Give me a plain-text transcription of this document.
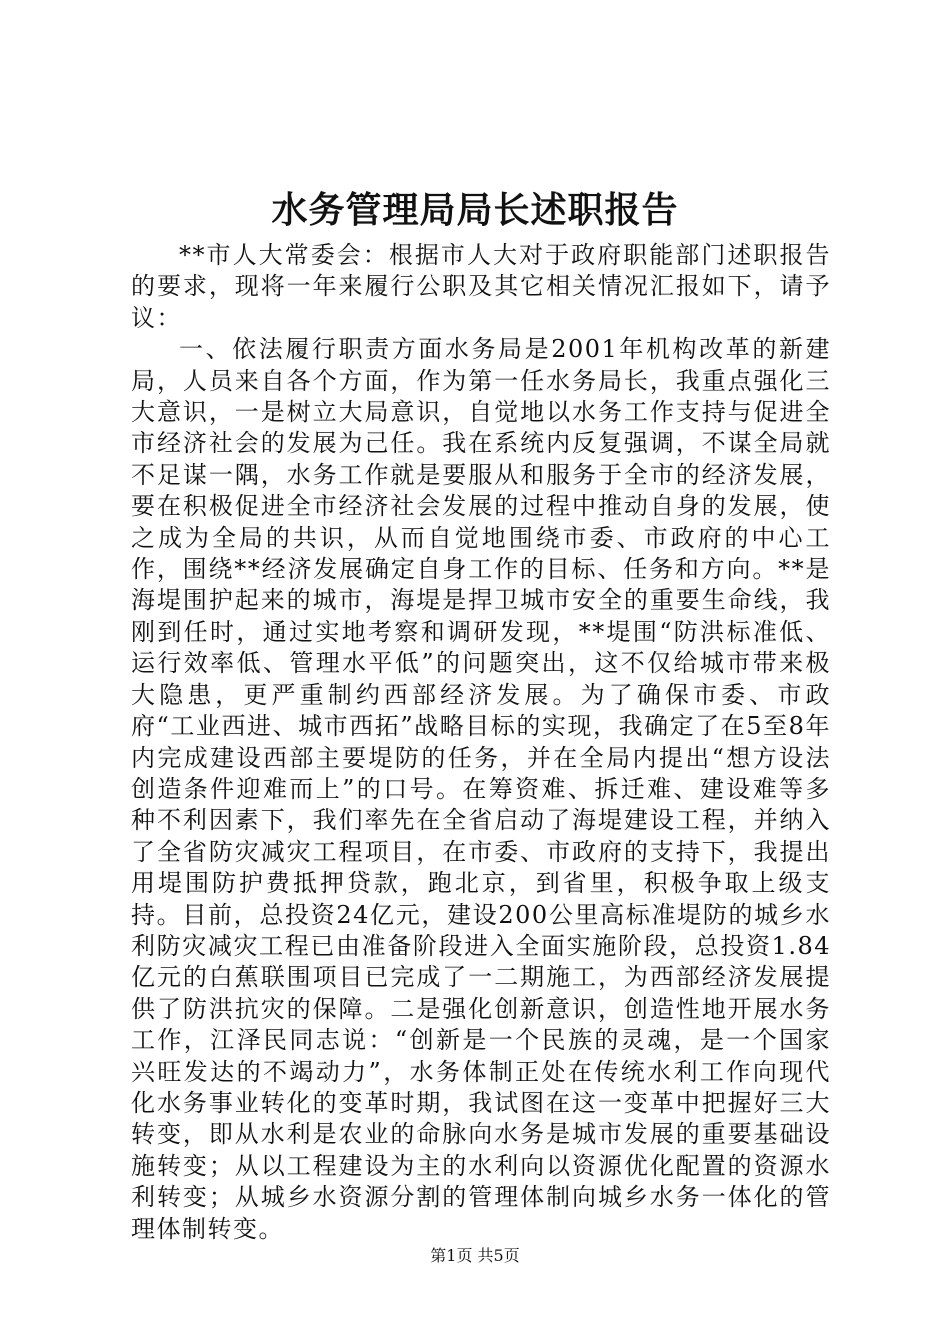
水务管理局局长述职报告

**市人大常委会：根据市人大对于政府职能部门述职报告的要求，现将一年来履行公职及其它相关情况汇报如下，请予议：

一、依法履行职责方面水务局是2001年机构改革的新建局，人员来自各个方面，作为第一任水务局长，我重点强化三大意识，一是树立大局意识，自觉地以水务工作支持与促进全市经济社会的发展为己任。我在系统内反复强调，不谋全局就不足谋一隅，水务工作就是要服从和服务于全市的经济发展，要在积极促进全市经济社会发展的过程中推动自身的发展，使之成为全局的共识，从而自觉地围绕市委、市政府的中心工作，围绕**经济发展确定自身工作的目标、任务和方向。**是海堤围护起来的城市，海堤是捍卫城市安全的重要生命线，我刚到任时，通过实地考察和调研发现，**堤围“防洪标准低、运行效率低、管理水平低”的问题突出，这不仅给城市带来极大隐患，更严重制约西部经济发展。为了确保市委、市政府“工业西进、城市西拓”战略目标的实现，我确定了在5至8年内完成建设西部主要堤防的任务，并在全局内提出“想方设法创造条件迎难而上”的口号。在筹资难、拆迁难、建设难等多种不利因素下，我们率先在全省启动了海堤建设工程，并纳入了全省防灾减灾工程项目，在市委、市政府的支持下，我提出用堤围防护费抵押贷款，跑北京，到省里，积极争取上级支持。目前，总投资24亿元，建设200公里高标准堤防的城乡水利防灾减灾工程已由准备阶段进入全面实施阶段，总投资1.84亿元的白蕉联围项目已完成了一二期施工，为西部经济发展提供了防洪抗灾的保障。二是强化创新意识，创造性地开展水务工作，江泽民同志说：“创新是一个民族的灵魂，是一个国家兴旺发达的不竭动力”，水务体制正处在传统水利工作向现代化水务事业转化的变革时期，我试图在这一变革中把握好三大转变，即从水利是农业的命脉向水务是城市发展的重要基础设施转变；从以工程建设为主的水利向以资源优化配置的资源水利转变；从城乡水资源分割的管理体制向城乡水务一体化的管理体制转变。

第1页 共5页
